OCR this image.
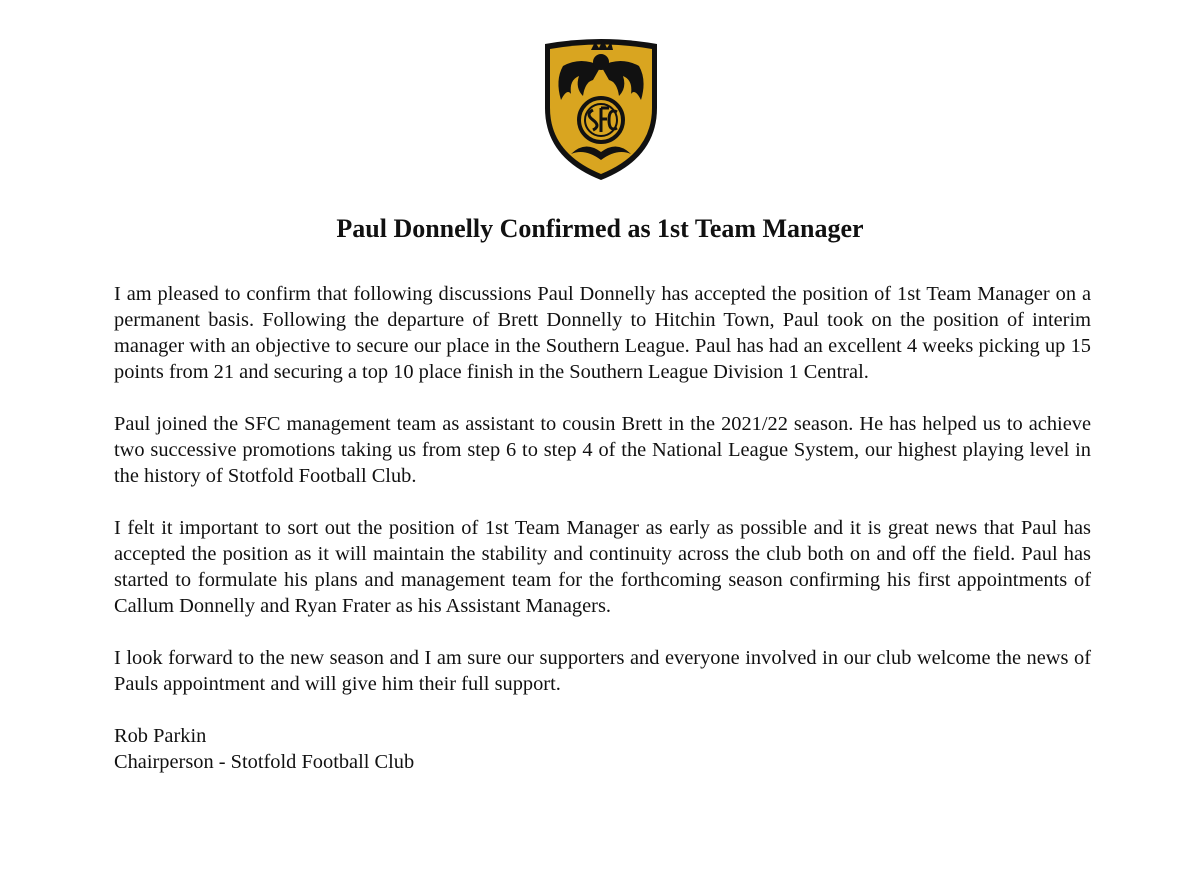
Paul Donnelly Confirmed as 1st Team Manager

I am pleased to confirm that following discussions Paul Donnelly has accepted the position of 1st Team Manager on a permanent basis. Following the departure of Brett Donnelly to Hitchin Town, Paul took on the position of interim manager with an objective to secure our place in the Southern League. Paul has had an excellent 4 weeks picking up 15 points from 21 and securing a top 10 place finish in the Southern League Division 1 Central.

Paul joined the SFC management team as assistant to cousin Brett in the 2021/22 season. He has helped us to achieve two successive promotions taking us from step 6 to step 4 of the National League System, our highest playing level in the history of Stotfold Football Club.

I felt it important to sort out the position of 1st Team Manager as early as possible and it is great news that Paul has accepted the position as it will maintain the stability and continuity across the club both on and off the field. Paul has started to formulate his plans and management team for the forthcoming season confirming his first appointments of Callum Donnelly and Ryan Frater as his Assistant Managers.

I look forward to the new season and I am sure our supporters and everyone involved in our club welcome the news of Pauls appointment and will give him their full support.

Rob Parkin

Chairperson - Stotfold Football Club
